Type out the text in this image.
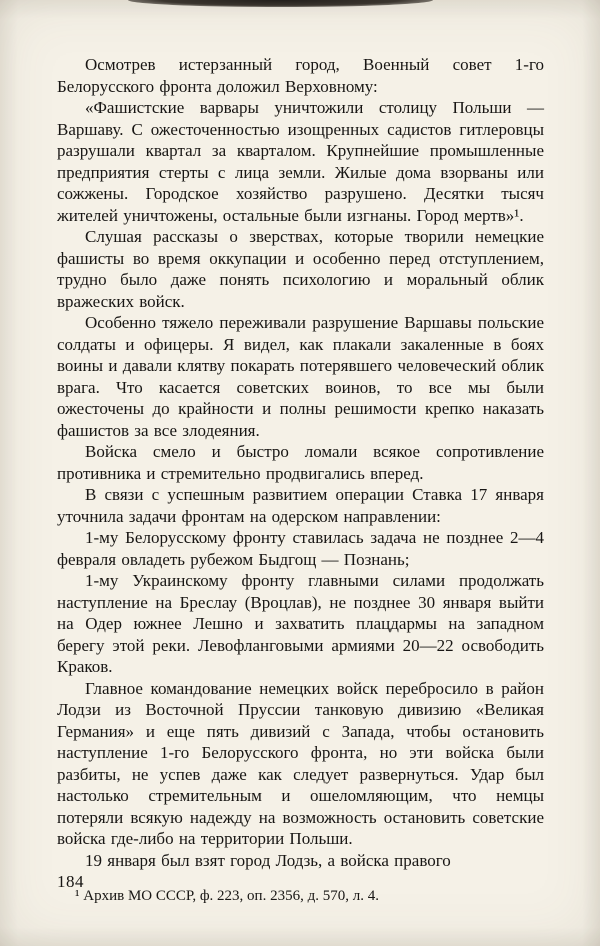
Осмотрев истерзанный город, Военный совет 1-го Белорусского фронта доложил Верховному:

«Фашистские варвары уничтожили столицу Польши — Варшаву. С ожесточенностью изощренных садистов гитлеровцы разрушали квартал за кварталом. Крупнейшие промышленные предприятия стерты с лица земли. Жилые дома взорваны или сожжены. Городское хозяйство разрушено. Десятки тысяч жителей уничтожены, остальные были изгнаны. Город мертв»¹.

Слушая рассказы о зверствах, которые творили немецкие фашисты во время оккупации и особенно перед отступлением, трудно было даже понять психологию и моральный облик вражеских войск.

Особенно тяжело переживали разрушение Варшавы польские солдаты и офицеры. Я видел, как плакали закаленные в боях воины и давали клятву покарать потерявшего человеческий облик врага. Что касается советских воинов, то все мы были ожесточены до крайности и полны решимости крепко наказать фашистов за все злодеяния.

Войска смело и быстро ломали всякое сопротивление противника и стремительно продвигались вперед.

В связи с успешным развитием операции Ставка 17 января уточнила задачи фронтам на одерском направлении:

1-му Белорусскому фронту ставилась задача не позднее 2—4 февраля овладеть рубежом Быдгощ — Познань;

1-му Украинскому фронту главными силами продолжать наступление на Бреслау (Вроцлав), не позднее 30 января выйти на Одер южнее Лешно и захватить плацдармы на западном берегу этой реки. Левофланговыми армиями 20—22 освободить Краков.

Главное командование немецких войск перебросило в район Лодзи из Восточной Пруссии танковую дивизию «Великая Германия» и еще пять дивизий с Запада, чтобы остановить наступление 1-го Белорусского фронта, но эти войска были разбиты, не успев даже как следует развернуться. Удар был настолько стремительным и ошеломляющим, что немцы потеряли всякую надежду на возможность остановить советские войска где-либо на территории Польши.

19 января был взят город Лодзь, а войска правого

¹ Архив МО СССР, ф. 223, оп. 2356, д. 570, л. 4.

184
